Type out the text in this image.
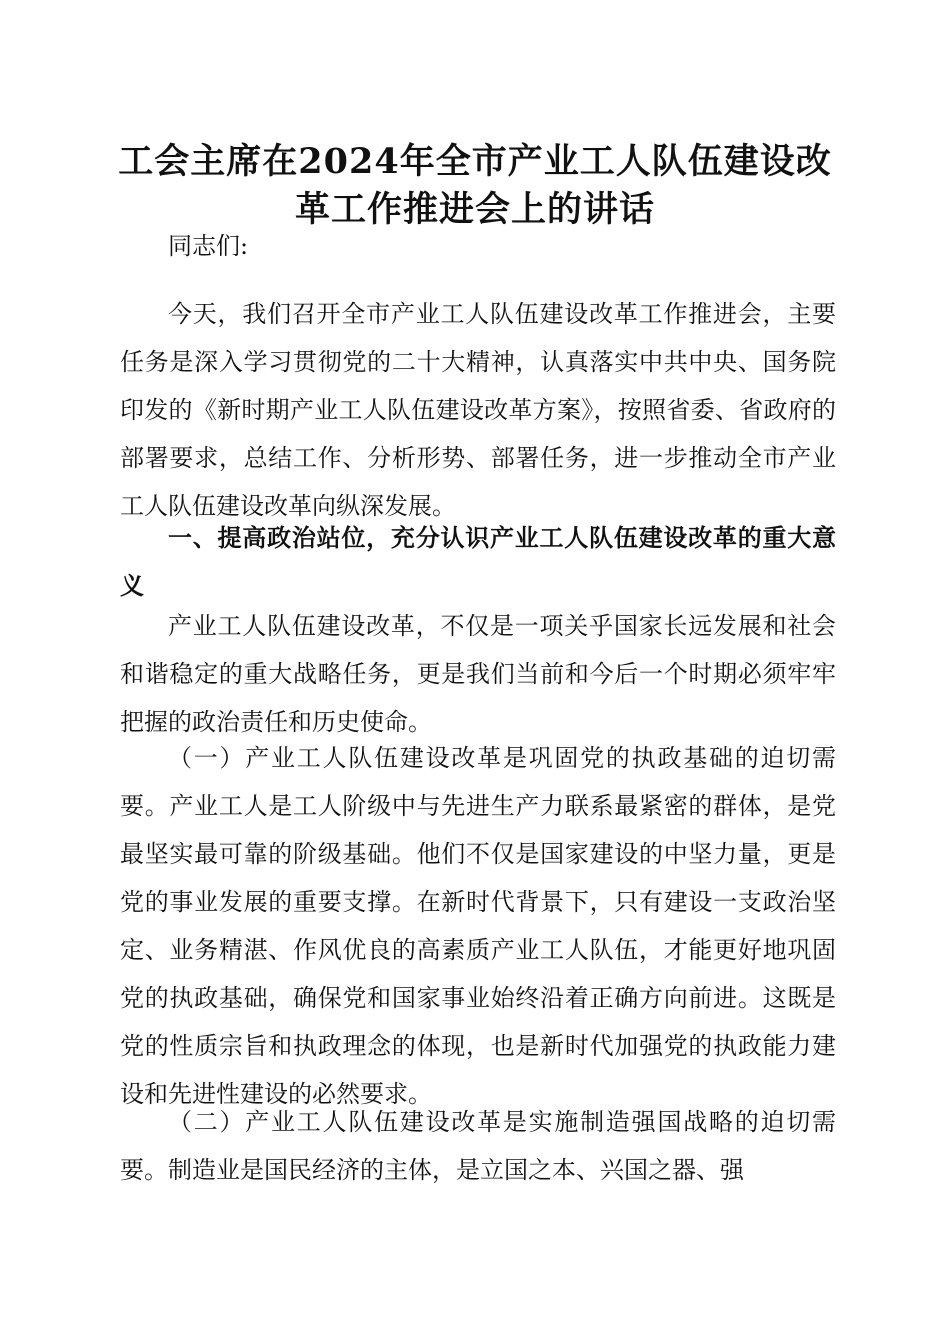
工会主席在2024年全市产业工人队伍建设改
革工作推进会上的讲话

同志们:

今天，我们召开全市产业工人队伍建设改革工作推进会，主要任务是深入学习贯彻党的二十大精神，认真落实中共中央、国务院印发的《新时期产业工人队伍建设改革方案》，按照省委、省政府的部署要求，总结工作、分析形势、部署任务，进一步推动全市产业工人队伍建设改革向纵深发展。

一、提高政治站位，充分认识产业工人队伍建设改革的重大意义

产业工人队伍建设改革，不仅是一项关乎国家长远发展和社会和谐稳定的重大战略任务，更是我们当前和今后一个时期必须牢牢把握的政治责任和历史使命。

（一）产业工人队伍建设改革是巩固党的执政基础的迫切需要。产业工人是工人阶级中与先进生产力联系最紧密的群体，是党最坚实最可靠的阶级基础。他们不仅是国家建设的中坚力量，更是党的事业发展的重要支撑。在新时代背景下，只有建设一支政治坚定、业务精湛、作风优良的高素质产业工人队伍，才能更好地巩固党的执政基础，确保党和国家事业始终沿着正确方向前进。这既是党的性质宗旨和执政理念的体现，也是新时代加强党的执政能力建设和先进性建设的必然要求。

（二）产业工人队伍建设改革是实施制造强国战略的迫切需要。制造业是国民经济的主体，是立国之本、兴国之器、强
